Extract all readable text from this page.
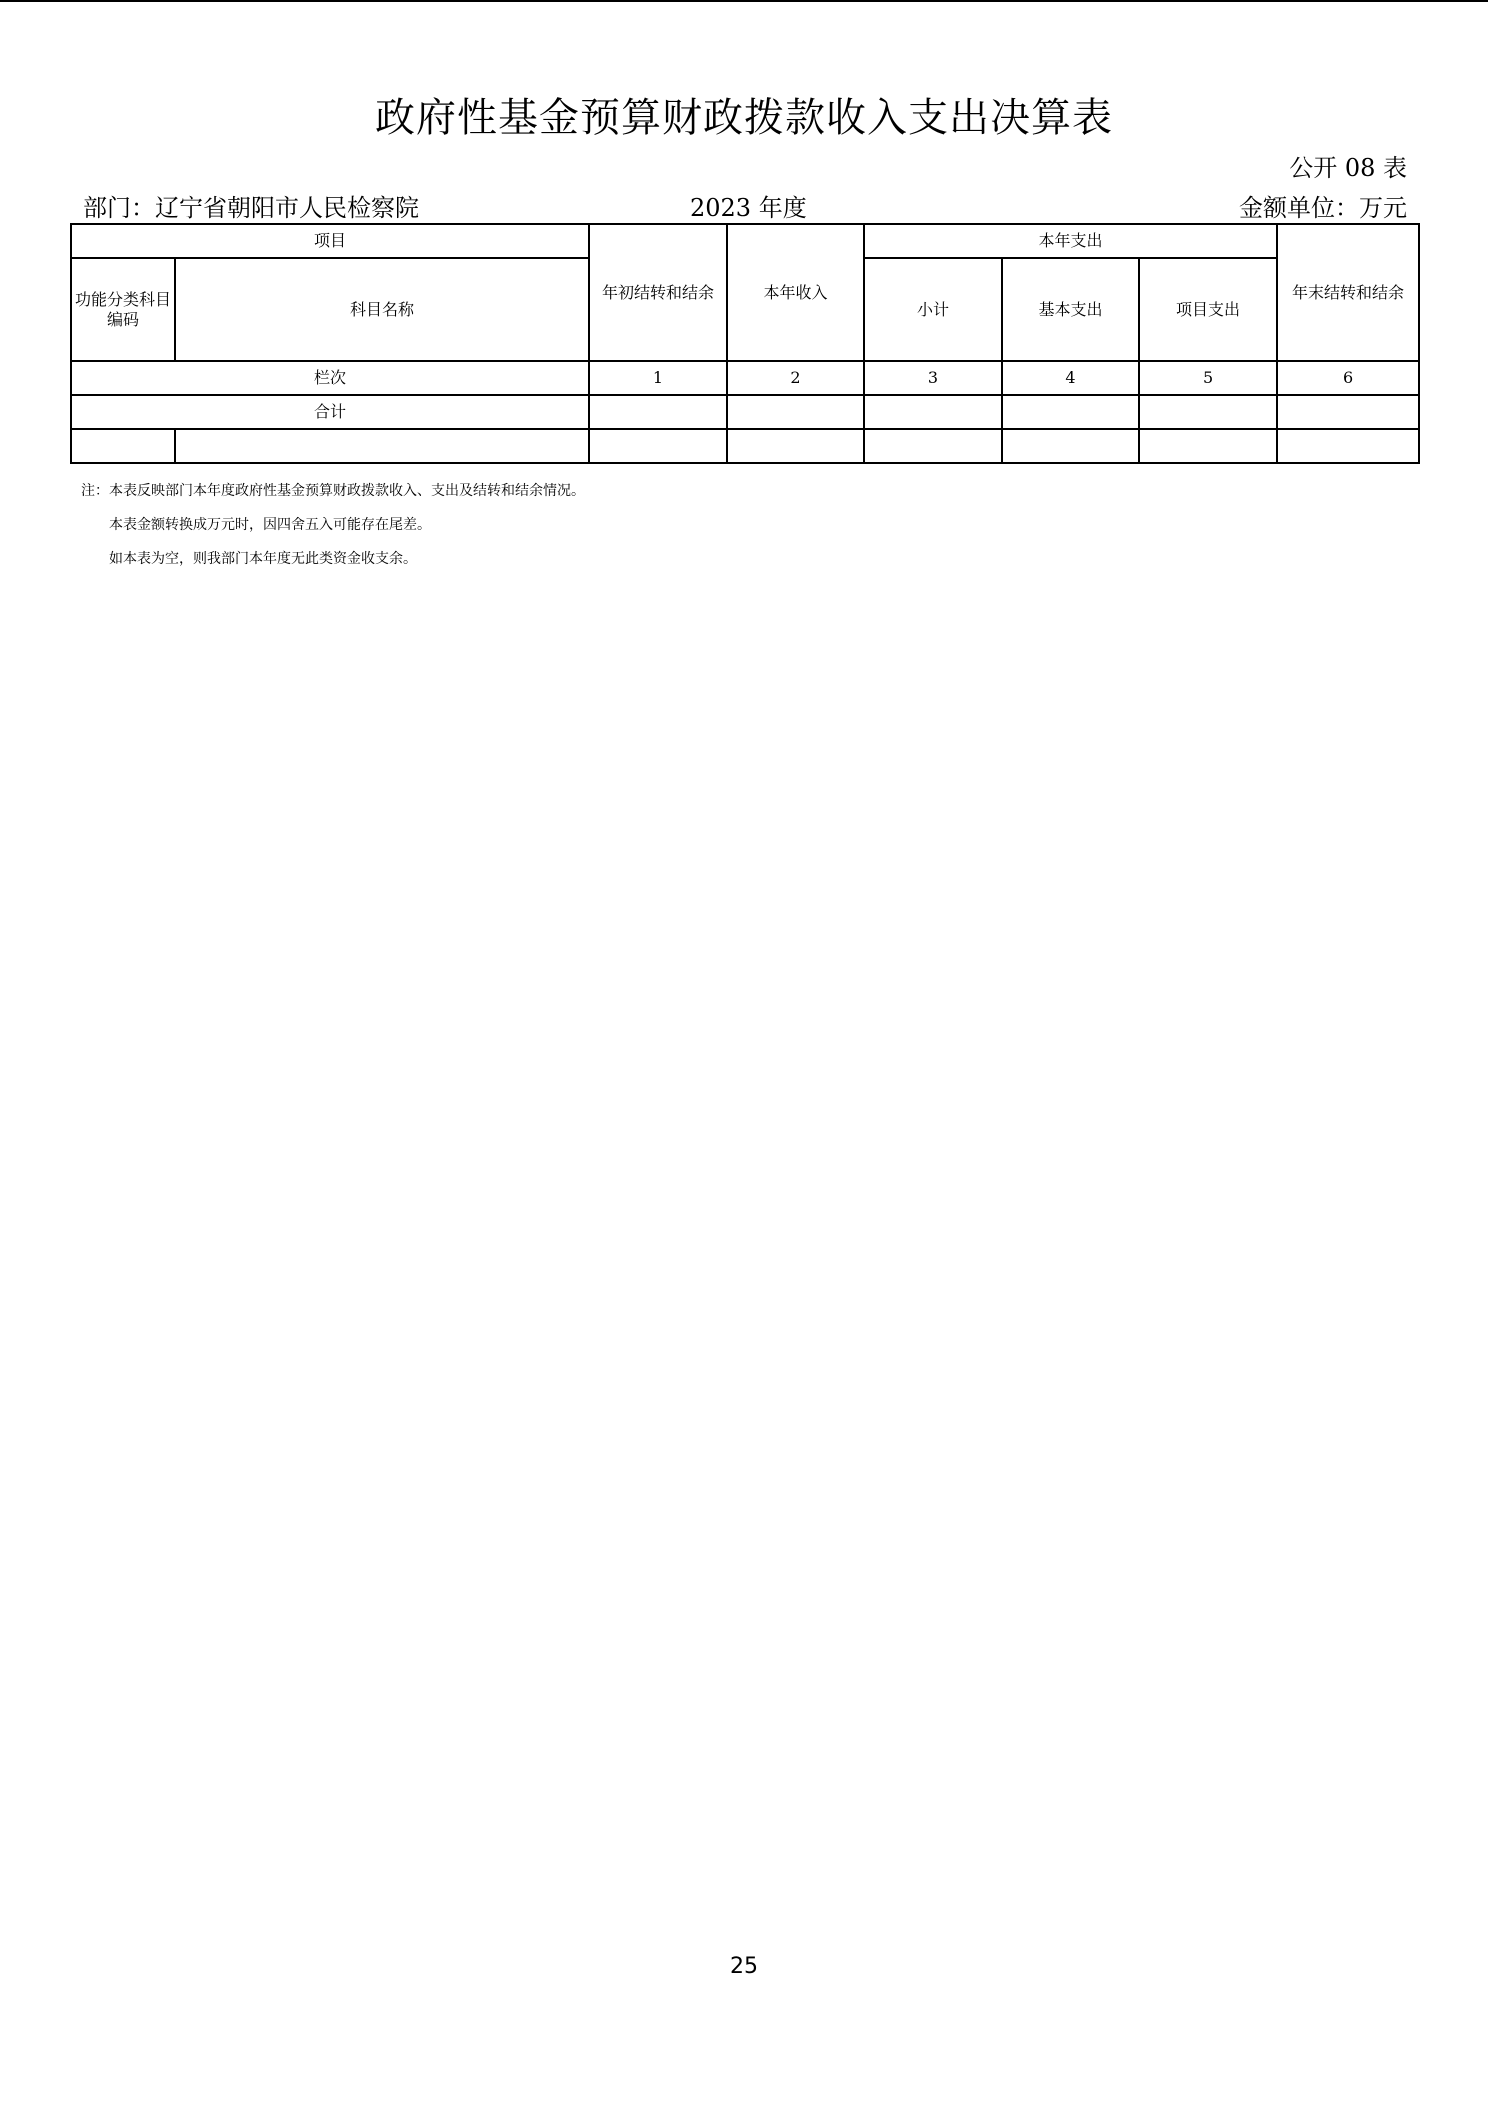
政府性基金预算财政拨款收入支出决算表
公开 08 表
部门：辽宁省朝阳市人民检察院	2023 年度	金额单位：万元
项目		年初结转和结余	本年收入	本年支出			年末结转和结余
功能分类科目编码	科目名称			小计	基本支出	项目支出	
栏次		1	2	3	4	5	6
合计							

注：本表反映部门本年度政府性基金预算财政拨款收入、支出及结转和结余情况。
本表金额转换成万元时，因四舍五入可能存在尾差。
如本表为空，则我部门本年度无此类资金收支余。
25
